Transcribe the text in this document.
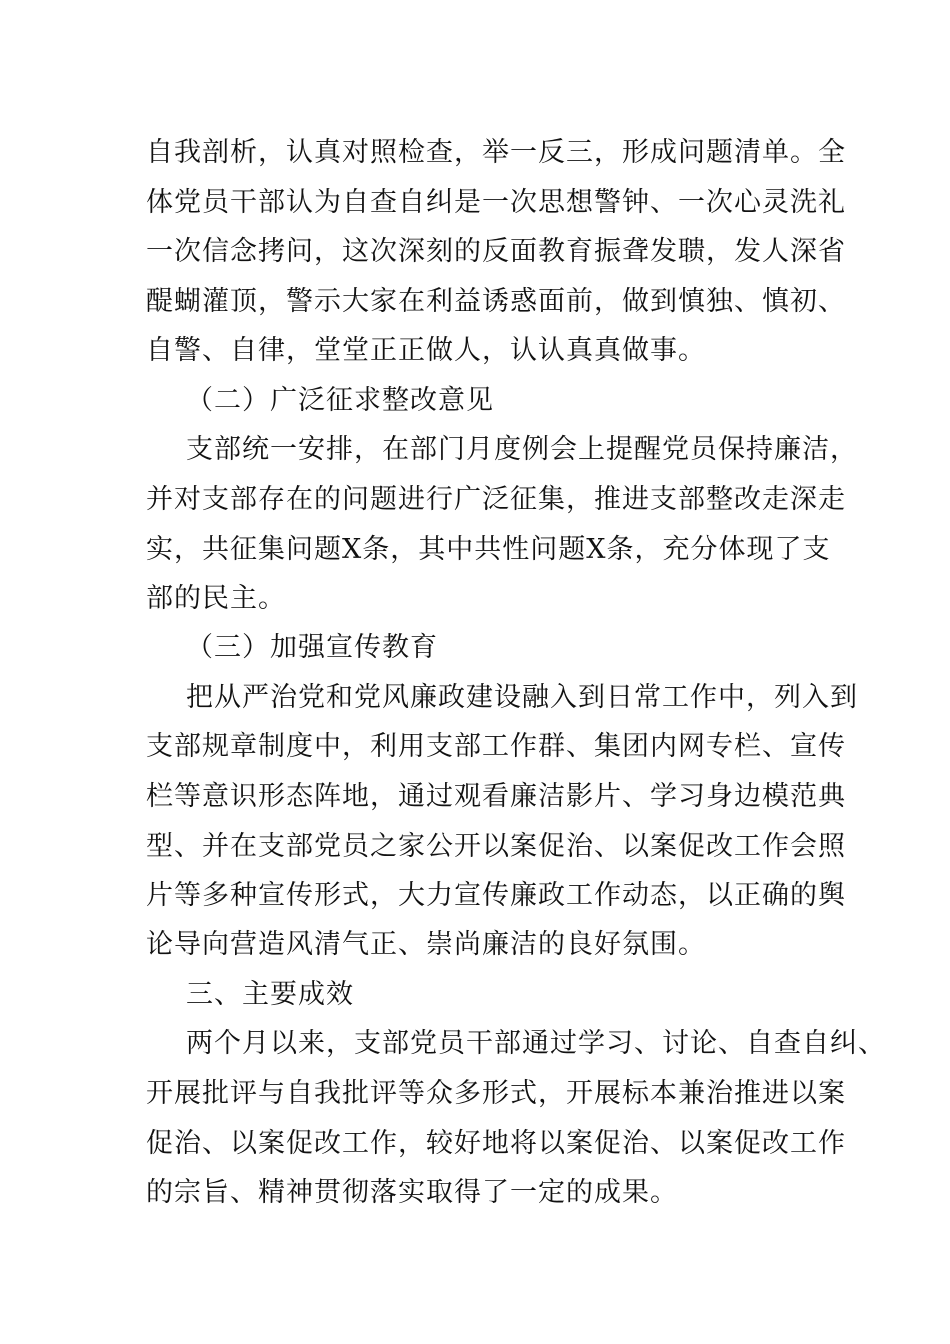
自我剖析，认真对照检查，举一反三，形成问题清单。全
体党员干部认为自查自纠是一次思想警钟、一次心灵洗礼
一次信念拷问，这次深刻的反面教育振聋发聩，发人深省
醍蝴灌顶，警示大家在利益诱惑面前，做到慎独、慎初、
自警、自律，堂堂正正做人，认认真真做事。
（二）广泛征求整改意见
支部统一安排，在部门月度例会上提醒党员保持廉洁，
并对支部存在的问题进行广泛征集，推进支部整改走深走
实，共征集问题X条，其中共性问题X条，充分体现了支
部的民主。
（三）加强宣传教育
把从严治党和党风廉政建设融入到日常工作中，列入到
支部规章制度中，利用支部工作群、集团内网专栏、宣传
栏等意识形态阵地，通过观看廉洁影片、学习身边模范典
型、并在支部党员之家公开以案促治、以案促改工作会照
片等多种宣传形式，大力宣传廉政工作动态，以正确的舆
论导向营造风清气正、崇尚廉洁的良好氛围。
三、主要成效
两个月以来，支部党员干部通过学习、讨论、自查自纠、
开展批评与自我批评等众多形式，开展标本兼治推进以案
促治、以案促改工作，较好地将以案促治、以案促改工作
的宗旨、精神贯彻落实取得了一定的成果。
